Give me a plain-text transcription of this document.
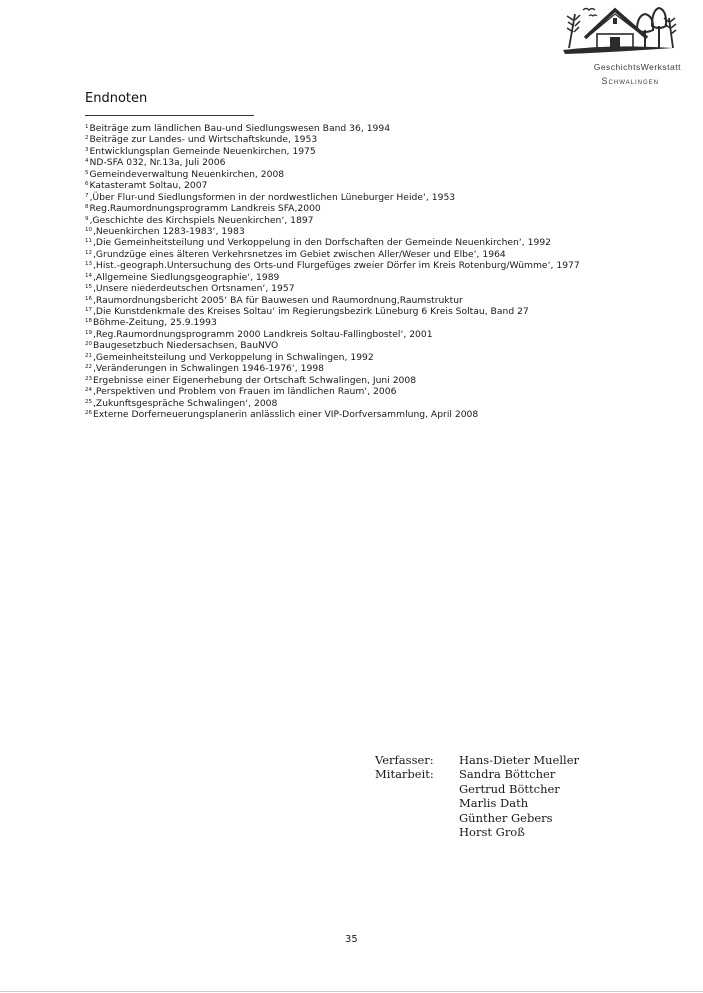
GeschichtsWerkstatt
Schwalingen
Endnoten
$^1$Beiträge zum ländlichen Bau-und Siedlungswesen Band 36, 1994
$^2$Beiträge zur Landes- und Wirtschaftskunde, 1953
$^3$Entwicklungsplan Gemeinde Neuenkirchen, 1975
$^4$ND-SFA 032, Nr.13a, Juli 2006
$^5$Gemeindeverwaltung Neuenkirchen, 2008
$^6$Katasteramt Soltau, 2007
$^7$‚Über Flur-und Siedlungsformen in der nordwestlichen Lüneburger Heide‘, 1953
$^8$Reg.Raumordnungsprogramm Landkreis SFA,2000
$^9$‚Geschichte des Kirchspiels Neuenkirchen‘, 1897
$^{10}$‚Neuenkirchen 1283-1983‘, 1983
$^{11}$‚Die Gemeinheitsteilung und Verkoppelung in den Dorfschaften der Gemeinde Neuenkirchen‘, 1992
$^{12}$‚Grundzüge eines älteren Verkehrsnetzes im Gebiet zwischen Aller/Weser und Elbe‘, 1964
$^{13}$‚Hist.-geograph.Untersuchung des Orts-und Flurgefüges zweier Dörfer im Kreis Rotenburg/Wümme‘, 1977
$^{14}$‚Allgemeine Siedlungsgeographie‘, 1989
$^{15}$‚Unsere niederdeutschen Ortsnamen‘, 1957
$^{16}$‚Raumordnungsbericht 2005‘ BA für Bauwesen und Raumordnung,Raumstruktur
$^{17}$‚Die Kunstdenkmale des Kreises Soltau‘ im Regierungsbezirk Lüneburg 6 Kreis Soltau, Band 27
$^{18}$Böhme-Zeitung, 25.9.1993
$^{19}$‚Reg.Raumordnungsprogramm 2000 Landkreis Soltau-Fallingbostel‘, 2001
$^{20}$Baugesetzbuch Niedersachsen, BauNVO
$^{21}$‚Gemeinheitsteilung und Verkoppelung in Schwalingen, 1992
$^{22}$‚Veränderungen in Schwalingen 1946-1976‘, 1998
$^{23}$Ergebnisse einer Eigenerhebung der Ortschaft Schwalingen, Juni 2008
$^{24}$‚Perspektiven und Problem von Frauen im ländlichen Raum‘, 2006
$^{25}$‚Zukunftsgespräche Schwalingen‘, 2008
$^{26}$Externe Dorferneuerungsplanerin anlässlich einer VIP-Dorfversammlung, April 2008
Verfasser: Hans-Dieter Mueller
Mitarbeit: Sandra Böttcher
Gertrud Böttcher
Marlis Dath
Günther Gebers
Horst Groß
35
